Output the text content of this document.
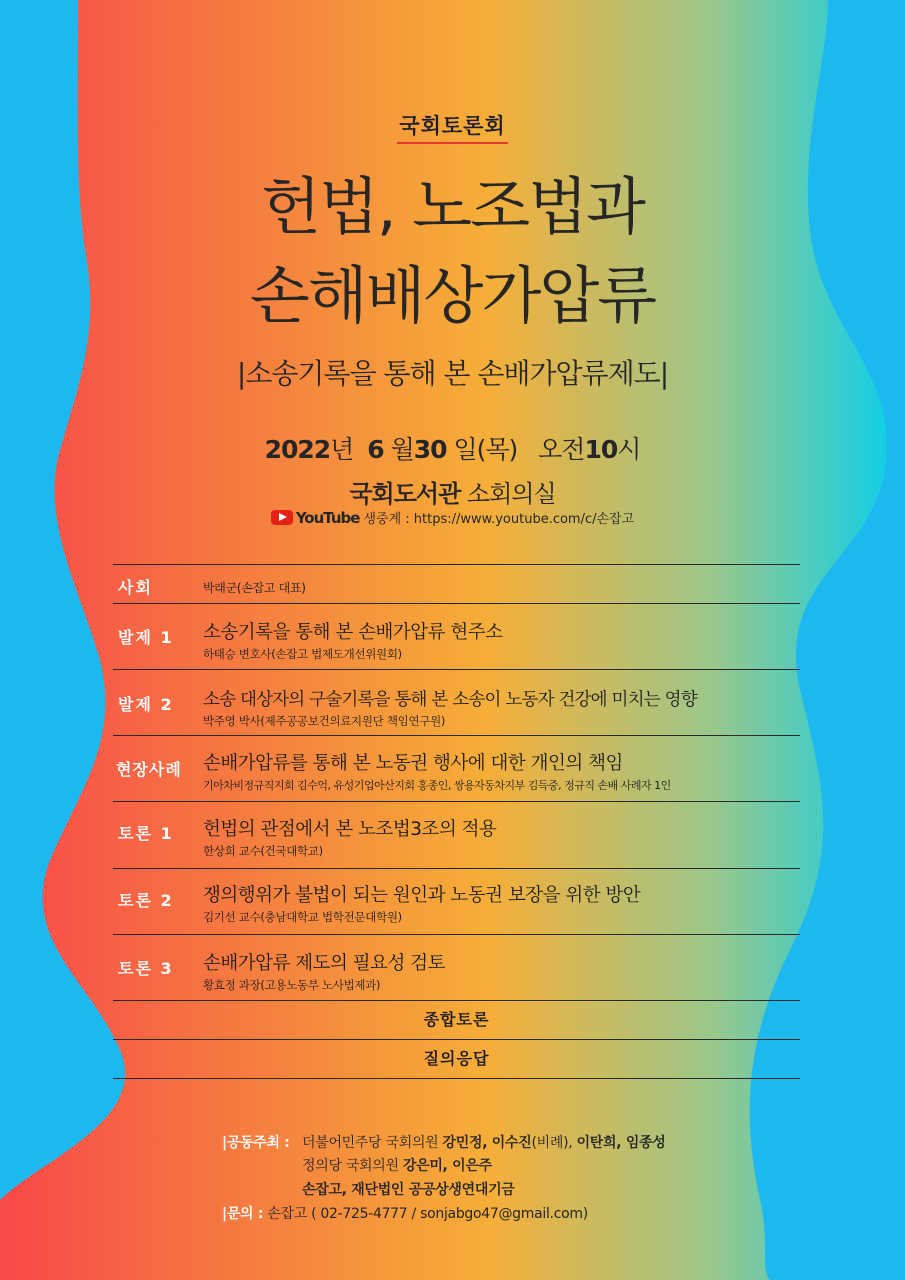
국회토론회
헌법, 노조법과
손해배상가압류
|소송기록을 통해 본 손배가압류제도|
2022년 6 월30 일(목) 오전10시
국회도서관 소회의실
YouTube 생중계 : https://www.youtube.com/c/손잡고
사회	박래군(손잡고 대표)
발제 1 소송기록을 통해 본 손배가압류 현주소
하태승 변호사(손잡고 법제도개선위원회)
발제 2 소송 대상자의 구술기록을 통해 본 소송이 노동자 건강에 미치는 영향
박주영 박사(제주공공보건의료지원단 책임연구원)
현장사례 손배가압류를 통해 본 노동권 행사에 대한 개인의 책임
기아차비정규직지회 김수억, 유성기업아산지회 홍종인, 쌍용자동차지부 김득중, 정규직 손배 사례자 1인
토론 1 헌법의 관점에서 본 노조법3조의 적용
한상희 교수(건국대학교)
토론 2 쟁의행위가 불법이 되는 원인과 노동권 보장을 위한 방안
김기선 교수(충남대학교 법학전문대학원)
토론 3 손배가압류 제도의 필요성 검토
황효정 과장(고용노동부 노사법제과)
종합토론
질의응답
|공동주최 : 더불어민주당 국회의원 강민정, 이수진(비례), 이탄희, 임종성
정의당 국회의원 강은미, 이은주
손잡고, 재단법인 공공상생연대기금
|문의 : 손잡고 ( 02-725-4777 / sonjabgo47@gmail.com)
